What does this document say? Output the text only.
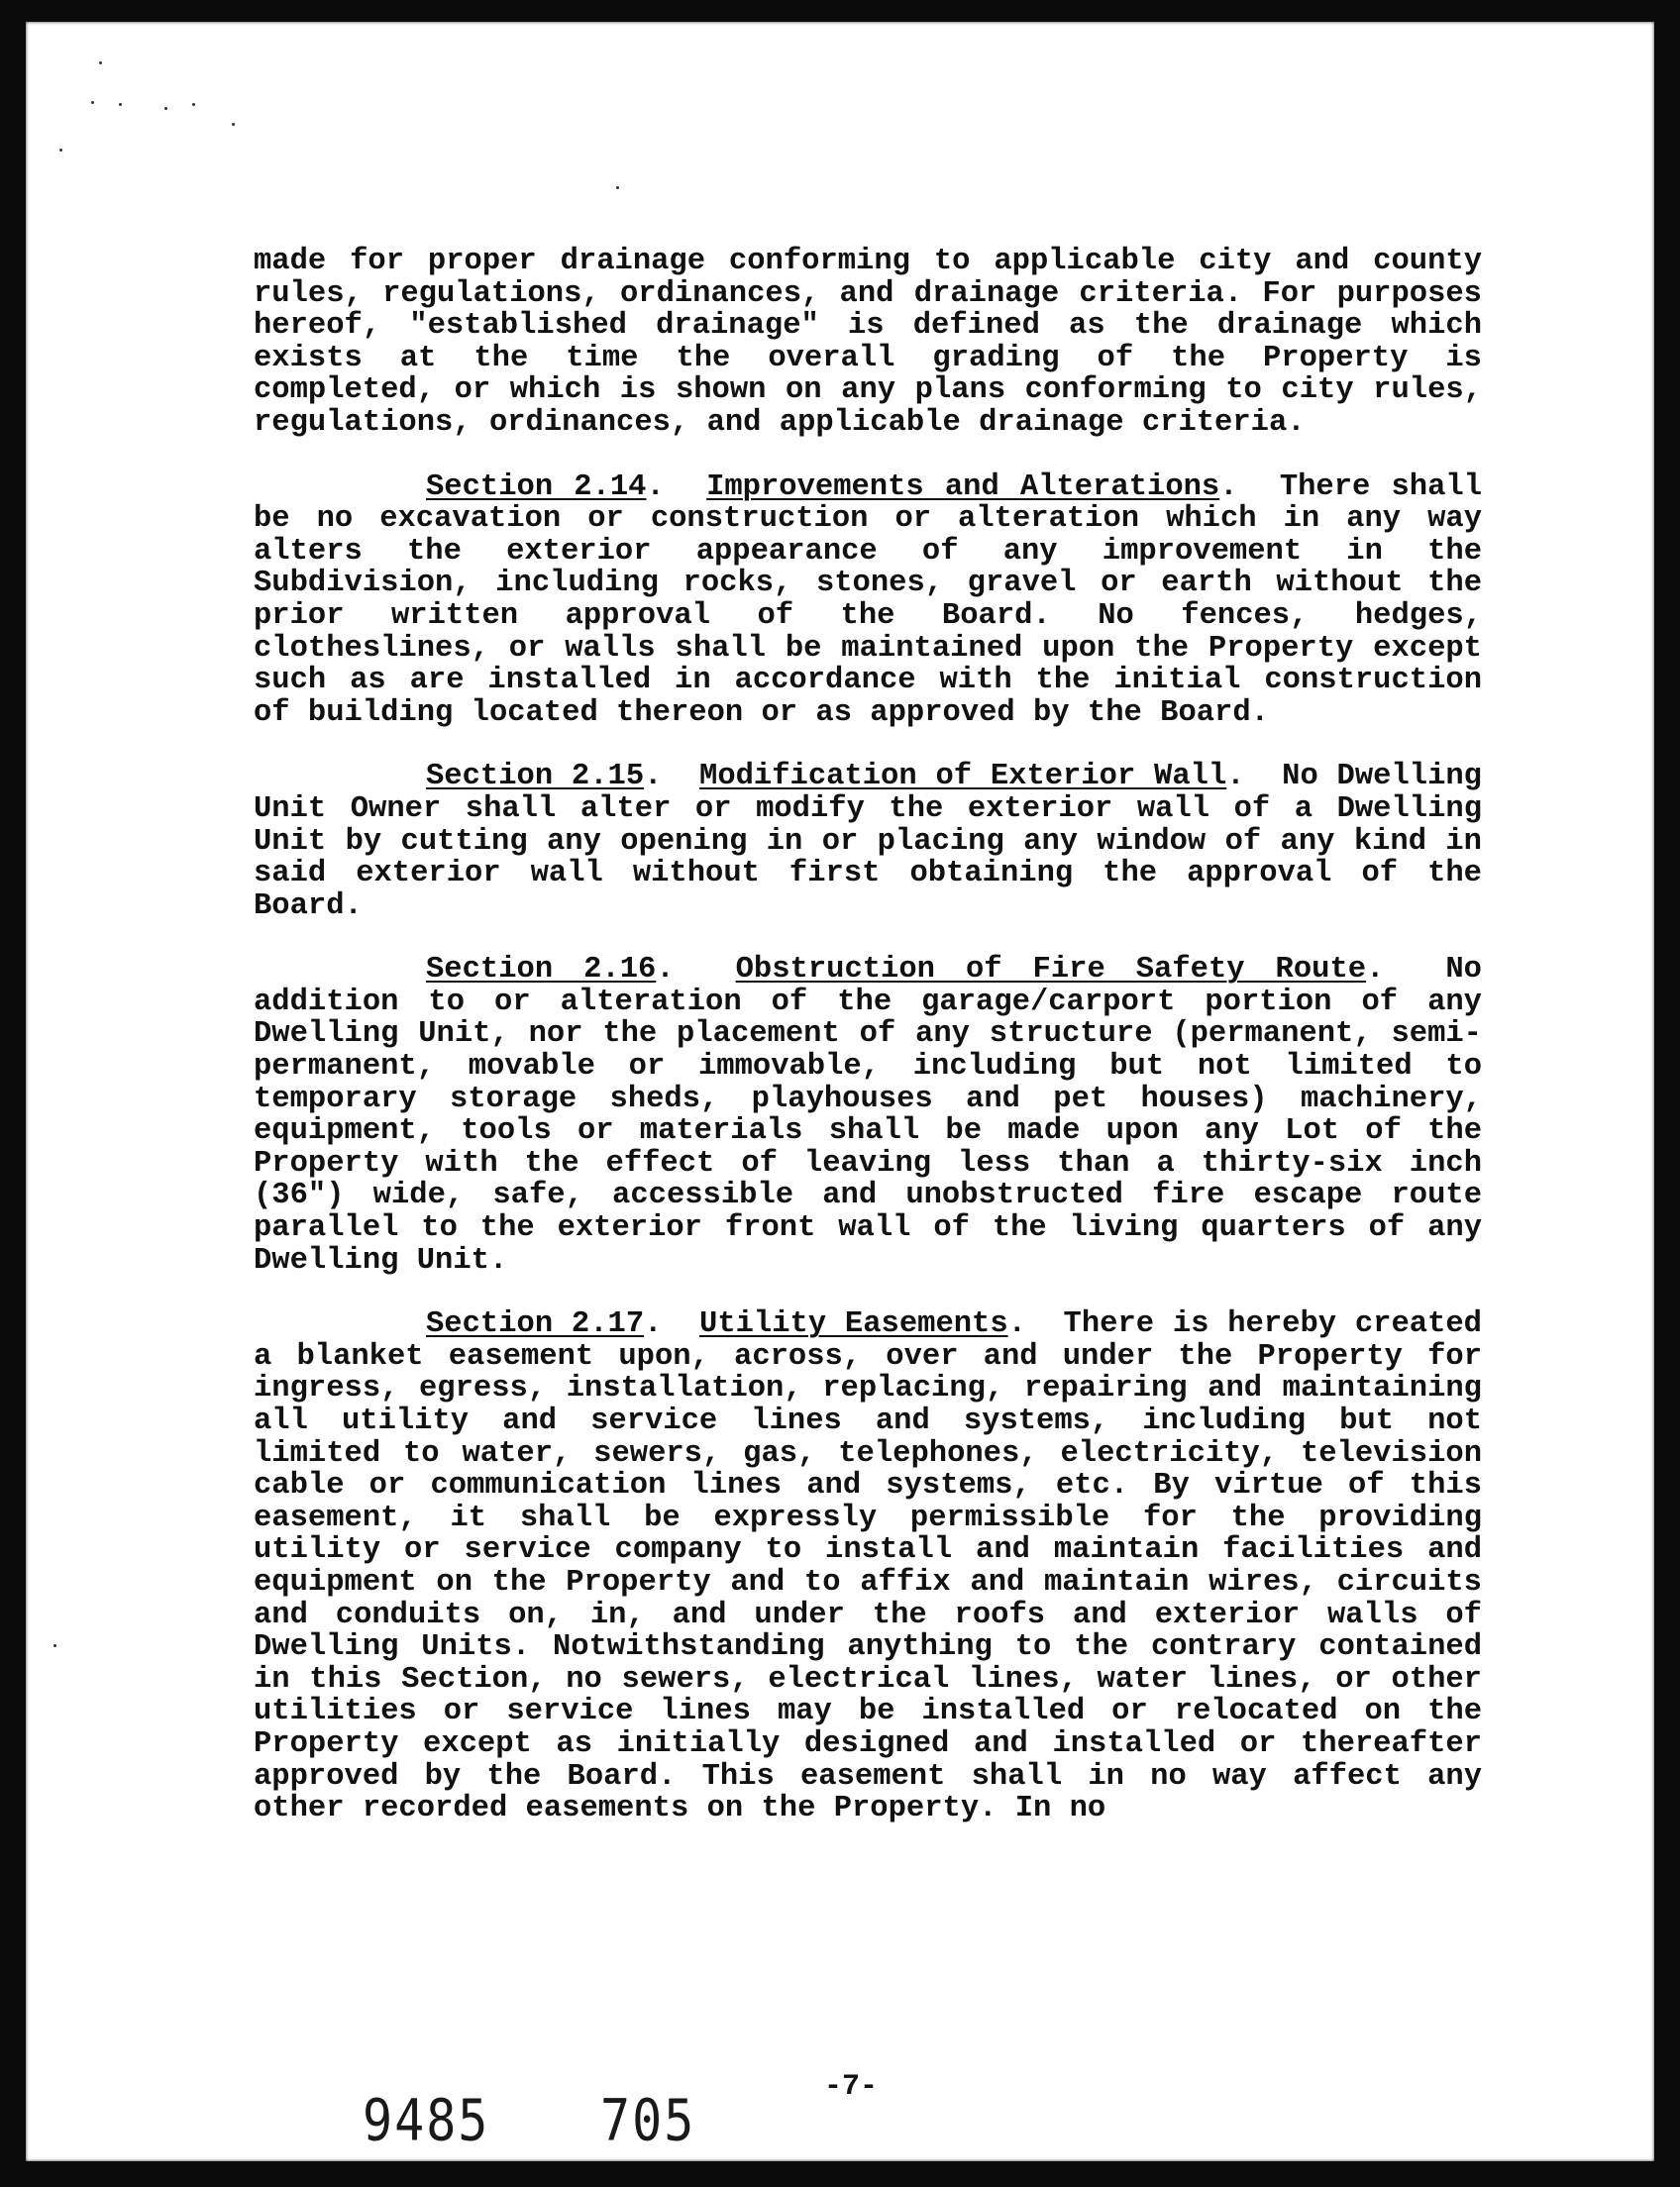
made for proper drainage conforming to applicable city and county rules, regulations, ordinances, and drainage criteria. For purposes hereof, "established drainage" is defined as the drainage which exists at the time the overall grading of the Property is completed, or which is shown on any plans conforming to city rules, regulations, ordinances, and applicable drainage criteria.

Section 2.14.  Improvements and Alterations.  There shall be no excavation or construction or alteration which in any way alters the exterior appearance of any improvement in the Subdivision, including rocks, stones, gravel or earth without the prior written approval of the Board. No fences, hedges, clotheslines, or walls shall be maintained upon the Property except such as are installed in accordance with the initial construction of building located thereon or as approved by the Board.

Section 2.15.  Modification of Exterior Wall.  No Dwelling Unit Owner shall alter or modify the exterior wall of a Dwelling Unit by cutting any opening in or placing any window of any kind in said exterior wall without first obtaining the approval of the Board.

Section 2.16.  Obstruction of Fire Safety Route.  No addition to or alteration of the garage/carport portion of any Dwelling Unit, nor the placement of any structure (permanent, semi-permanent, movable or immovable, including but not limited to temporary storage sheds, playhouses and pet houses) machinery, equipment, tools or materials shall be made upon any Lot of the Property with the effect of leaving less than a thirty-six inch (36") wide, safe, accessible and unobstructed fire escape route parallel to the exterior front wall of the living quarters of any Dwelling Unit.

Section 2.17.  Utility Easements.  There is hereby created a blanket easement upon, across, over and under the Property for ingress, egress, installation, replacing, repairing and maintaining all utility and service lines and systems, including but not limited to water, sewers, gas, telephones, electricity, television cable or communication lines and systems, etc. By virtue of this easement, it shall be expressly permissible for the providing utility or service company to install and maintain facilities and equipment on the Property and to affix and maintain wires, circuits and conduits on, in, and under the roofs and exterior walls of Dwelling Units. Notwithstanding anything to the contrary contained in this Section, no sewers, electrical lines, water lines, or other utilities or service lines may be installed or relocated on the Property except as initially designed and installed or thereafter approved by the Board. This easement shall in no way affect any other recorded easements on the Property. In no

-7-
9485 705
